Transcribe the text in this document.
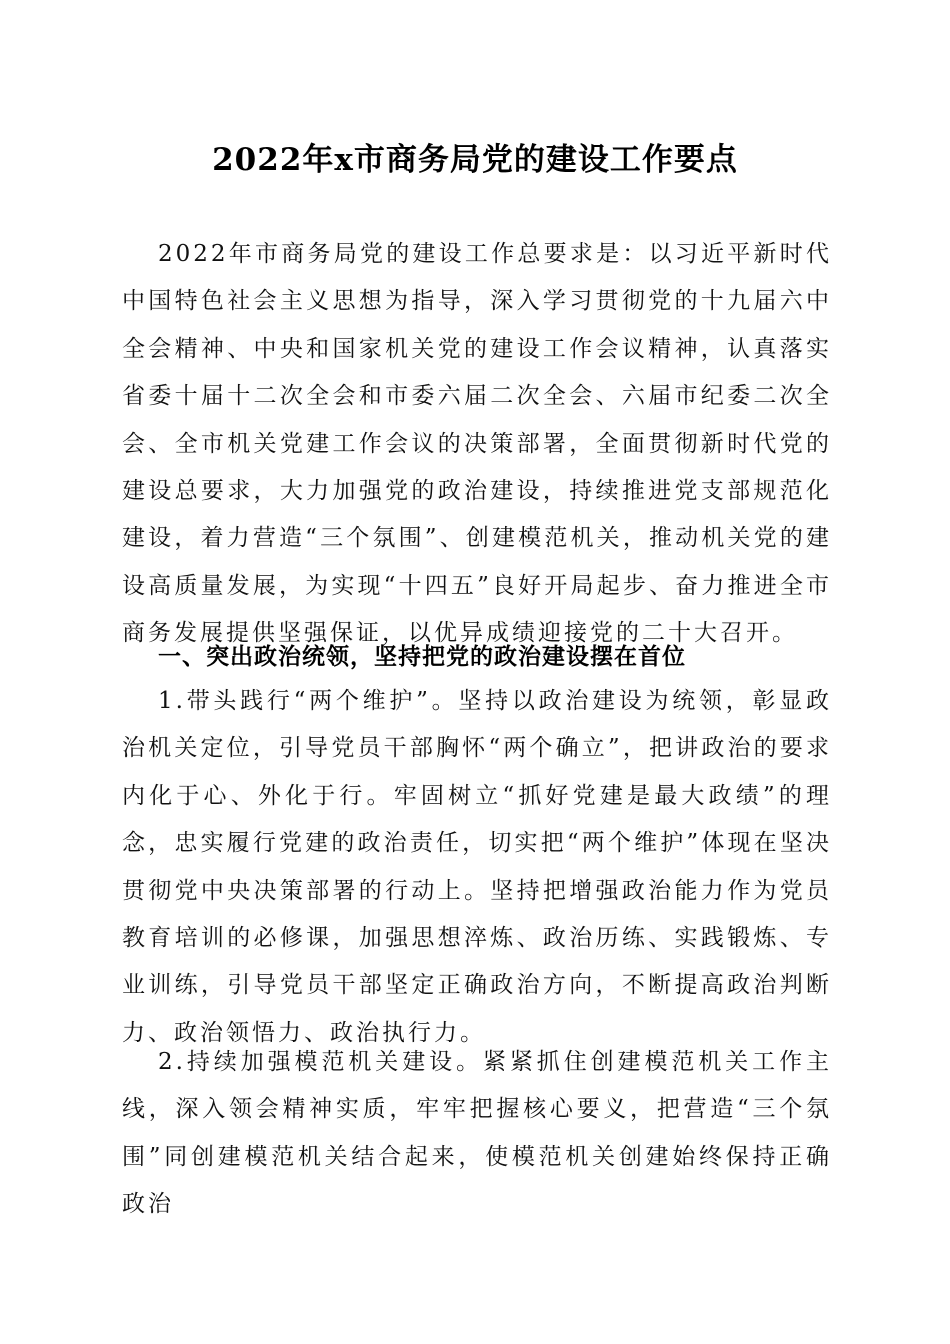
2022年x市商务局党的建设工作要点
2022年市商务局党的建设工作总要求是：以习近平新时代中国特色社会主义思想为指导，深入学习贯彻党的十九届六中全会精神、中央和国家机关党的建设工作会议精神，认真落实省委十届十二次全会和市委六届二次全会、六届市纪委二次全会、全市机关党建工作会议的决策部署，全面贯彻新时代党的建设总要求，大力加强党的政治建设，持续推进党支部规范化建设，着力营造“三个氛围”、创建模范机关，推动机关党的建设高质量发展，为实现“十四五”良好开局起步、奋力推进全市商务发展提供坚强保证，以优异成绩迎接党的二十大召开。
一、突出政治统领，坚持把党的政治建设摆在首位
1.带头践行“两个维护”。坚持以政治建设为统领，彰显政治机关定位，引导党员干部胸怀“两个确立”，把讲政治的要求内化于心、外化于行。牢固树立“抓好党建是最大政绩”的理念，忠实履行党建的政治责任，切实把“两个维护”体现在坚决贯彻党中央决策部署的行动上。坚持把增强政治能力作为党员教育培训的必修课，加强思想淬炼、政治历练、实践锻炼、专业训练，引导党员干部坚定正确政治方向，不断提高政治判断力、政治领悟力、政治执行力。
2.持续加强模范机关建设。紧紧抓住创建模范机关工作主线，深入领会精神实质，牢牢把握核心要义，把营造“三个氛围”同创建模范机关结合起来，使模范机关创建始终保持正确政治
